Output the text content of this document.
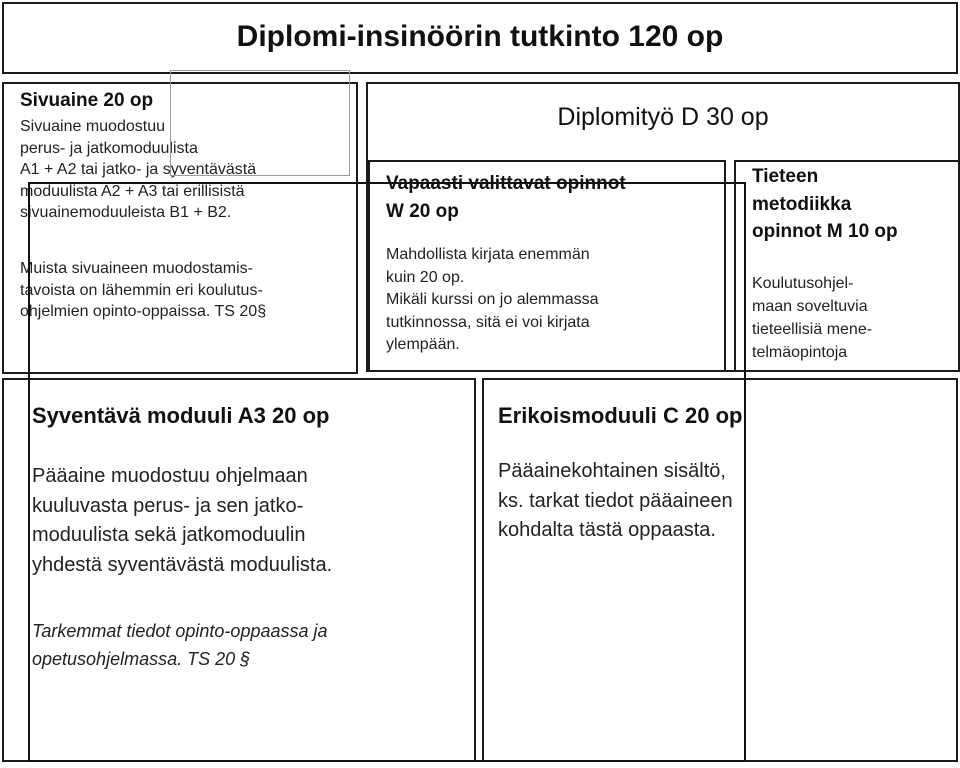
Diplomi-insinöörin tutkinto 120 op
Sivuaine 20 op
Sivuaine muodostuu
perus- ja jatkomoduulista
A1 + A2 tai jatko- ja syventävästä
moduulista A2 + A3 tai erillisistä
sivuainemoduuleista B1 + B2.
Muista sivuaineen muodostamis-
tavoista on lähemmin eri koulutus-
ohjelmien opinto-oppaissa. TS 20§
Diplomityö D 30 op
Vapaasti valittavat opinnot
W 20 op
Mahdollista kirjata enemmän
kuin 20 op.
Mikäli kurssi on jo alemmassa
tutkinnossa, sitä ei voi kirjata
ylempään.
Tieteen
metodiikka
opinnot M 10 op
Koulutusohjel-
maan soveltuvia
tieteellisiä mene-
telmäopintoja
Syventävä moduuli A3 20 op
Pääaine muodostuu ohjelmaan
kuuluvasta perus- ja sen jatko-
moduulista sekä jatkomoduulin
yhdestä syventävästä moduulista.
Tarkemmat tiedot opinto-oppaassa ja
opetusohjelmassa. TS 20 §
Erikoismoduuli C 20 op
Pääainekohtainen sisältö,
ks. tarkat tiedot pääaineen
kohdalta tästä oppaasta.
